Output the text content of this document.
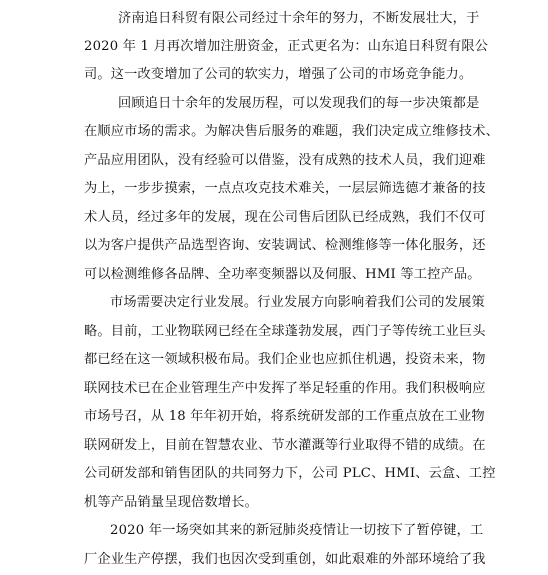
济南追日科贸有限公司经过十余年的努力，不断发展壮大，于
2020 年 1 月再次增加注册资金，正式更名为：山东追日科贸有限公
司。这一改变增加了公司的软实力，增强了公司的市场竞争能力。
回顾追日十余年的发展历程，可以发现我们的每一步决策都是
在顺应市场的需求。为解决售后服务的难题，我们决定成立维修技术、
产品应用团队，没有经验可以借鉴，没有成熟的技术人员，我们迎难
为上，一步步摸索，一点点攻克技术难关，一层层筛选德才兼备的技
术人员，经过多年的发展，现在公司售后团队已经成熟，我们不仅可
以为客户提供产品选型咨询、安装调试、检测维修等一体化服务，还
可以检测维修各品牌、全功率变频器以及伺服、HMI 等工控产品。
市场需要决定行业发展。行业发展方向影响着我们公司的发展策
略。目前，工业物联网已经在全球蓬勃发展，西门子等传统工业巨头
都已经在这一领域积极布局。我们企业也应抓住机遇，投资未来，物
联网技术已在企业管理生产中发挥了举足轻重的作用。我们积极响应
市场号召，从 18 年年初开始，将系统研发部的工作重点放在工业物
联网研发上，目前在智慧农业、节水灌溉等行业取得不错的成绩。在
公司研发部和销售团队的共同努力下，公司 PLC、HMI、云盒、工控
机等产品销量呈现倍数增长。
2020 年一场突如其来的新冠肺炎疫情让一切按下了暂停键，工
厂企业生产停摆，我们也因次受到重创，如此艰难的外部环境给了我
